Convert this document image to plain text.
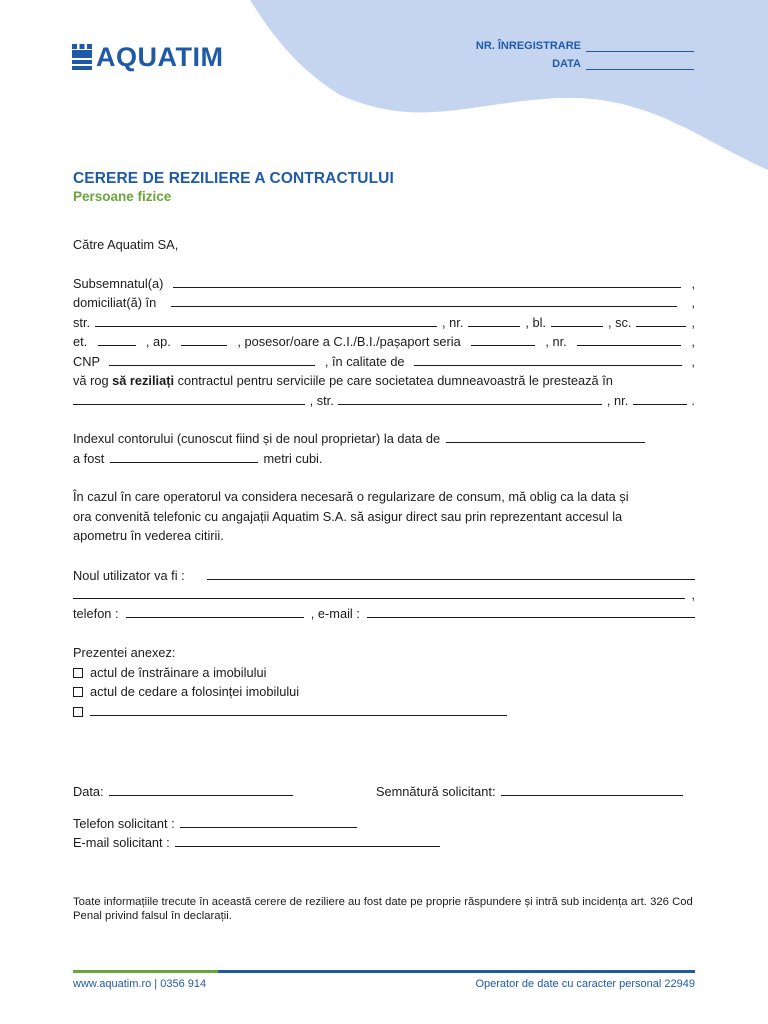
AQUATIM	NR. ÎNREGISTRARE
DATA
CERERE DE REZILIERE A CONTRACTULUI
Persoane fizice
Către Aquatim SA,
Subsemnatul(a)	,
domiciliat(ă) în	,
str.	, nr.	, bl.	, sc.	,
et.	, ap.	, posesor/oare a C.I./B.I./pașaport seria	, nr.	,
CNP	, în calitate de	,
vă rog să reziliați contractul pentru serviciile pe care societatea dumneavoastră le prestează în
, str.	, nr.	.
Indexul contorului (cunoscut fiind și de noul proprietar) la data de
a fost	metri cubi.
În cazul în care operatorul va considera necesară o regularizare de consum, mă oblig ca la data și
ora convenită telefonic cu angajații Aquatim S.A. să asigur direct sau prin reprezentant accesul la
apometru în vederea citirii.
Noul utilizator va fi :
,
telefon :	, e-mail :
Prezentei anexez:
actul de înstrăinare a imobilului
actul de cedare a folosinței imobilului
Data:	Semnătură solicitant:
Telefon solicitant :
E-mail solicitant :
Toate informațiile trecute în această cerere de reziliere au fost date pe proprie răspundere și intră sub incidența art. 326 Cod Penal privind falsul în declarații.
www.aquatim.ro | 0356 914	Operator de date cu caracter personal 22949
